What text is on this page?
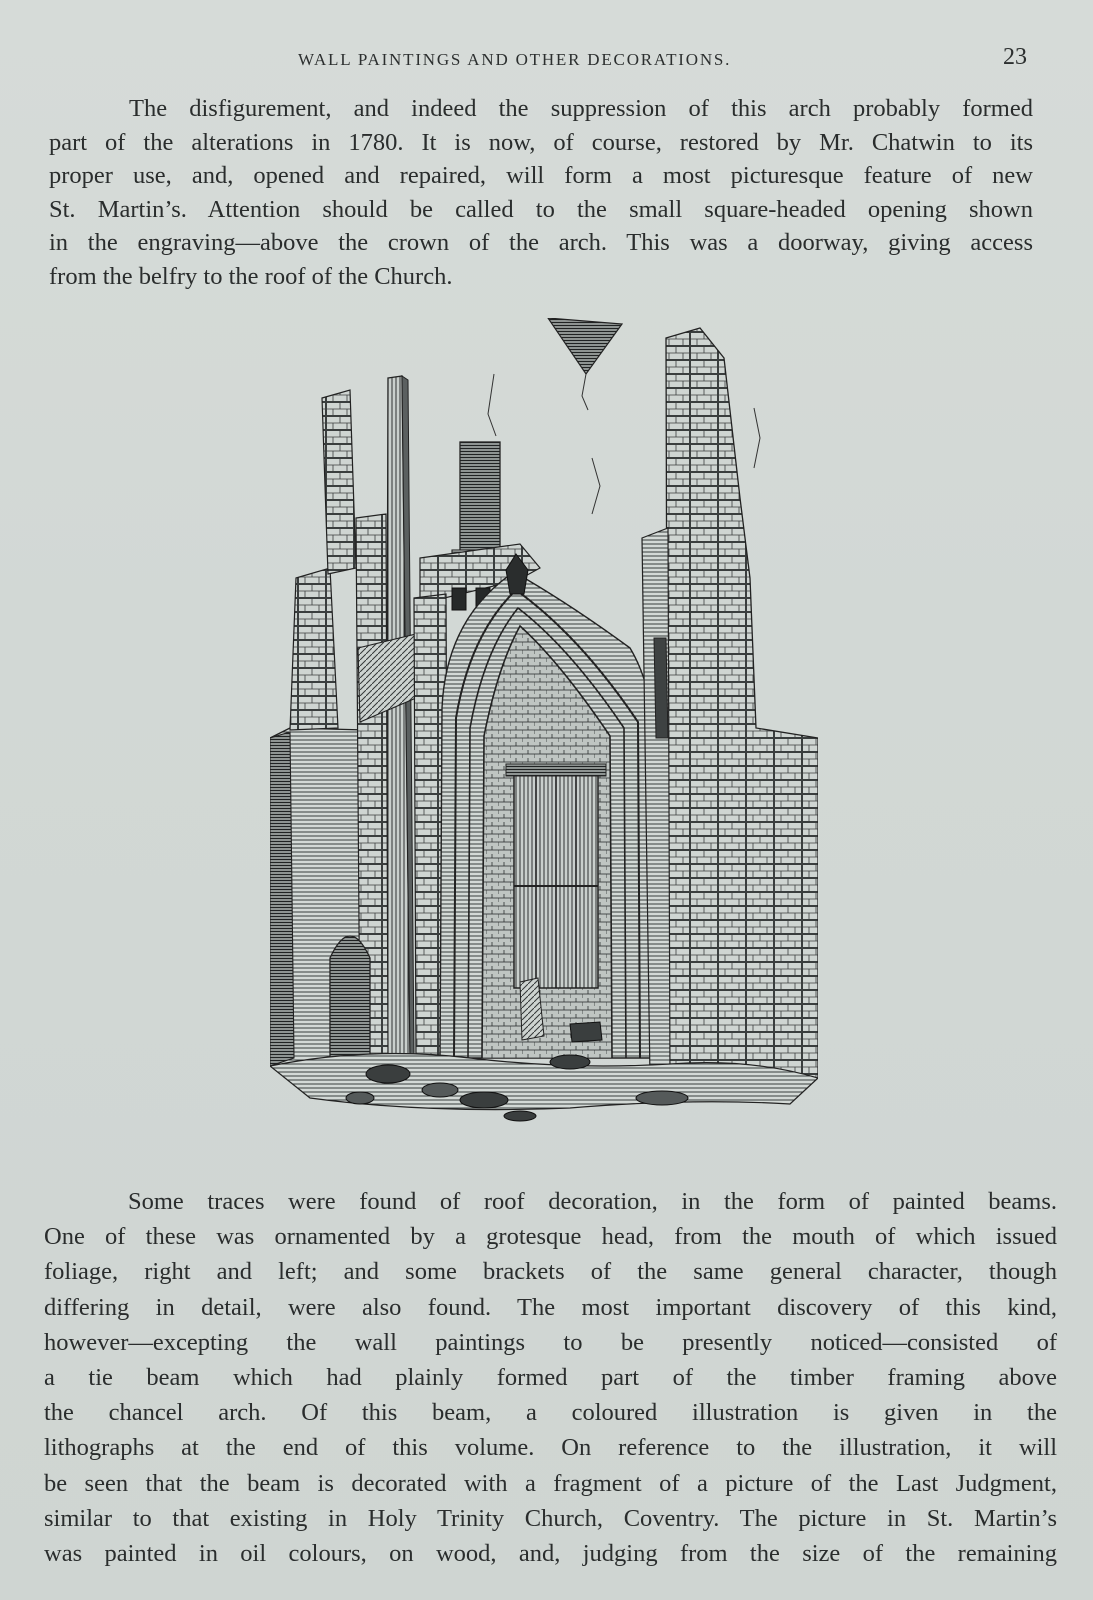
WALL PAINTINGS AND OTHER DECORATIONS.	23
The disfigurement, and indeed the suppression of this arch probably formed
part of the alterations in 1780. It is now, of course, restored by Mr. Chatwin to its
proper use, and, opened and repaired, will form a most picturesque feature of new
St. Martin’s. Attention should be called to the small square-headed opening shown
in the engraving—above the crown of the arch. This was a doorway, giving access
from the belfry to the roof of the Church.
Some traces were found of roof decoration, in the form of painted beams.
One of these was ornamented by a grotesque head, from the mouth of which issued
foliage, right and left; and some brackets of the same general character, though
differing in detail, were also found. The most important discovery of this kind,
however—excepting the wall paintings to be presently noticed—consisted of
a tie beam which had plainly formed part of the timber framing above
the chancel arch. Of this beam, a coloured illustration is given in the
lithographs at the end of this volume. On reference to the illustration, it will
be seen that the beam is decorated with a fragment of a picture of the Last Judgment,
similar to that existing in Holy Trinity Church, Coventry. The picture in St. Martin’s
was painted in oil colours, on wood, and, judging from the size of the remaining
